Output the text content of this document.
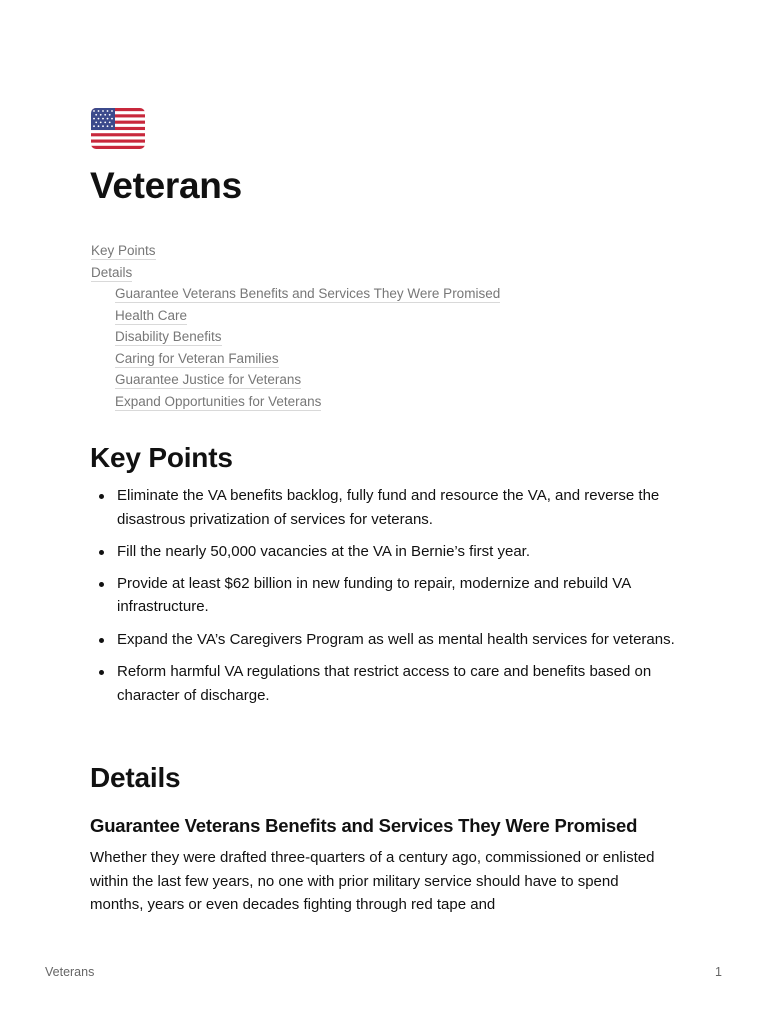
Veterans
Key Points
Details
Guarantee Veterans Benefits and Services They Were Promised
Health Care
Disability Benefits
Caring for Veteran Families
Guarantee Justice for Veterans
Expand Opportunities for Veterans
Key Points
Eliminate the VA benefits backlog, fully fund and resource the VA, and reverse the disastrous privatization of services for veterans.
Fill the nearly 50,000 vacancies at the VA in Bernie’s first year.
Provide at least $62 billion in new funding to repair, modernize and rebuild VA infrastructure.
Expand the VA’s Caregivers Program as well as mental health services for veterans.
Reform harmful VA regulations that restrict access to care and benefits based on character of discharge.
Details
Guarantee Veterans Benefits and Services They Were Promised

Whether they were drafted three-quarters of a century ago, commissioned or enlisted within the last few years, no one with prior military service should have to spend months, years or even decades fighting through red tape and

Veterans	1
